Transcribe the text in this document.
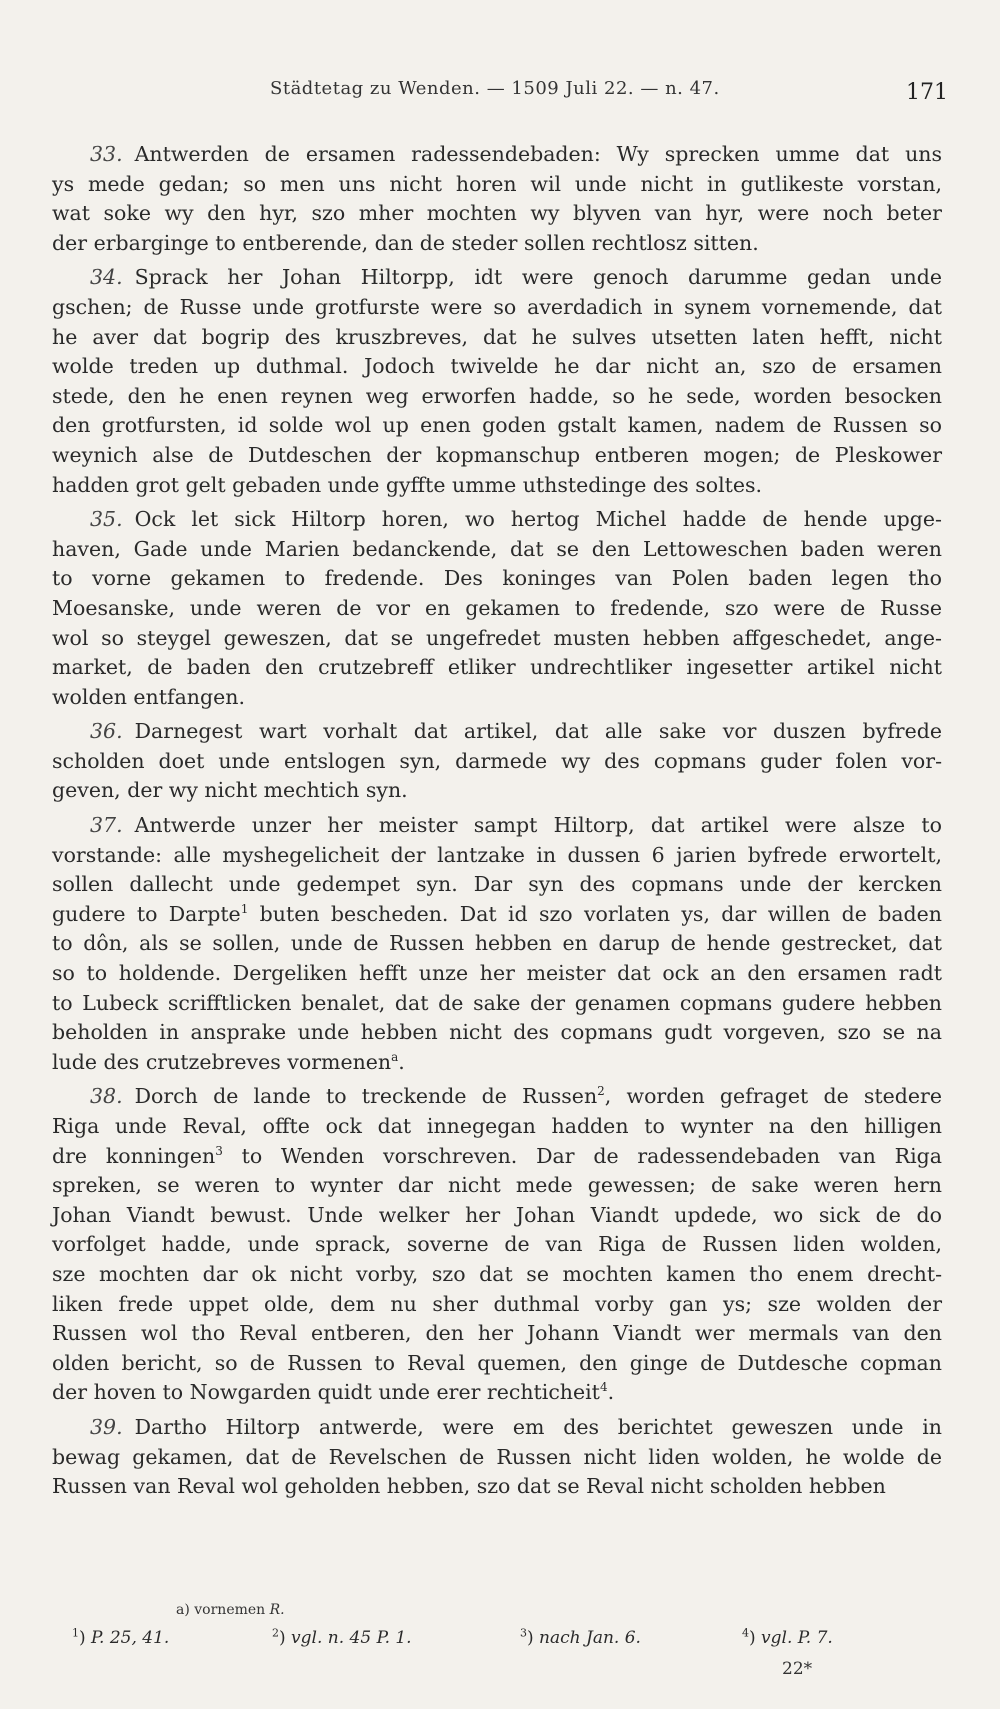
Städtetag zu Wenden. — 1509 Juli 22. — n. 47.	171
33. Antwerden de ersamen radessendebaden: Wy sprecken umme dat uns
ys mede gedan; so men uns nicht horen wil unde nicht in gutlikeste vorstan,
wat soke wy den hyr, szo mher mochten wy blyven van hyr, were noch beter
der erbarginge to entberende, dan de steder sollen rechtlosz sitten.
34. Sprack her Johan Hiltorpp, idt were genoch darumme gedan unde
gschen; de Russe unde grotfurste were so averdadich in synem vornemende, dat
he aver dat bogrip des kruszbreves, dat he sulves utsetten laten hefft, nicht
wolde treden up duthmal. Jodoch twivelde he dar nicht an, szo de ersamen
stede, den he enen reynen weg erworfen hadde, so he sede, worden besocken
den grotfursten, id solde wol up enen goden gstalt kamen, nadem de Russen so
weynich alse de Dutdeschen der kopmanschup entberen mogen; de Pleskower
hadden grot gelt gebaden unde gyffte umme uthstedinge des soltes.
35. Ock let sick Hiltorp horen, wo hertog Michel hadde de hende upge-
haven, Gade unde Marien bedanckende, dat se den Lettoweschen baden weren
to vorne gekamen to fredende. Des koninges van Polen baden legen tho
Moesanske, unde weren de vor en gekamen to fredende, szo were de Russe
wol so steygel geweszen, dat se ungefredet musten hebben affgeschedet, ange-
market, de baden den crutzebreff etliker undrechtliker ingesetter artikel nicht
wolden entfangen.
36. Darnegest wart vorhalt dat artikel, dat alle sake vor duszen byfrede
scholden doet unde entslogen syn, darmede wy des copmans guder folen vor-
geven, der wy nicht mechtich syn.
37. Antwerde unzer her meister sampt Hiltorp, dat artikel were alsze to
vorstande: alle myshegelicheit der lantzake in dussen 6 jarien byfrede erwortelt,
sollen dallecht unde gedempet syn. Dar syn des copmans unde der kercken
gudere to Darpte$^1$ buten bescheden. Dat id szo vorlaten ys, dar willen de baden
to dôn, als se sollen, unde de Russen hebben en darup de hende gestrecket, dat
so to holdende. Dergeliken hefft unze her meister dat ock an den ersamen radt
to Lubeck scrifftlicken benalet, dat de sake der genamen copmans gudere hebben
beholden in ansprake unde hebben nicht des copmans gudt vorgeven, szo se na
lude des crutzebreves vormenen$^a$.
38. Dorch de lande to treckende de Russen$^2$, worden gefraget de stedere
Riga unde Reval, offte ock dat innegegan hadden to wynter na den hilligen
dre konningen$^3$ to Wenden vorschreven. Dar de radessendebaden van Riga
spreken, se weren to wynter dar nicht mede gewessen; de sake weren hern
Johan Viandt bewust. Unde welker her Johan Viandt updede, wo sick de do
vorfolget hadde, unde sprack, soverne de van Riga de Russen liden wolden,
sze mochten dar ok nicht vorby, szo dat se mochten kamen tho enem drecht-
liken frede uppet olde, dem nu sher duthmal vorby gan ys; sze wolden der
Russen wol tho Reval entberen, den her Johann Viandt wer mermals van den
olden bericht, so de Russen to Reval quemen, den ginge de Dutdesche copman
der hoven to Nowgarden quidt unde erer rechticheit$^4$.
39. Dartho Hiltorp antwerde, were em des berichtet geweszen unde in
bewag gekamen, dat de Revelschen de Russen nicht liden wolden, he wolde de
Russen van Reval wol geholden hebben, szo dat se Reval nicht scholden hebben
a) vornemen R.
$^1$) P. 25, 41.	$^2$) vgl. n. 45 P. 1.	$^3$) nach Jan. 6.	$^4$) vgl. P. 7.
22*
